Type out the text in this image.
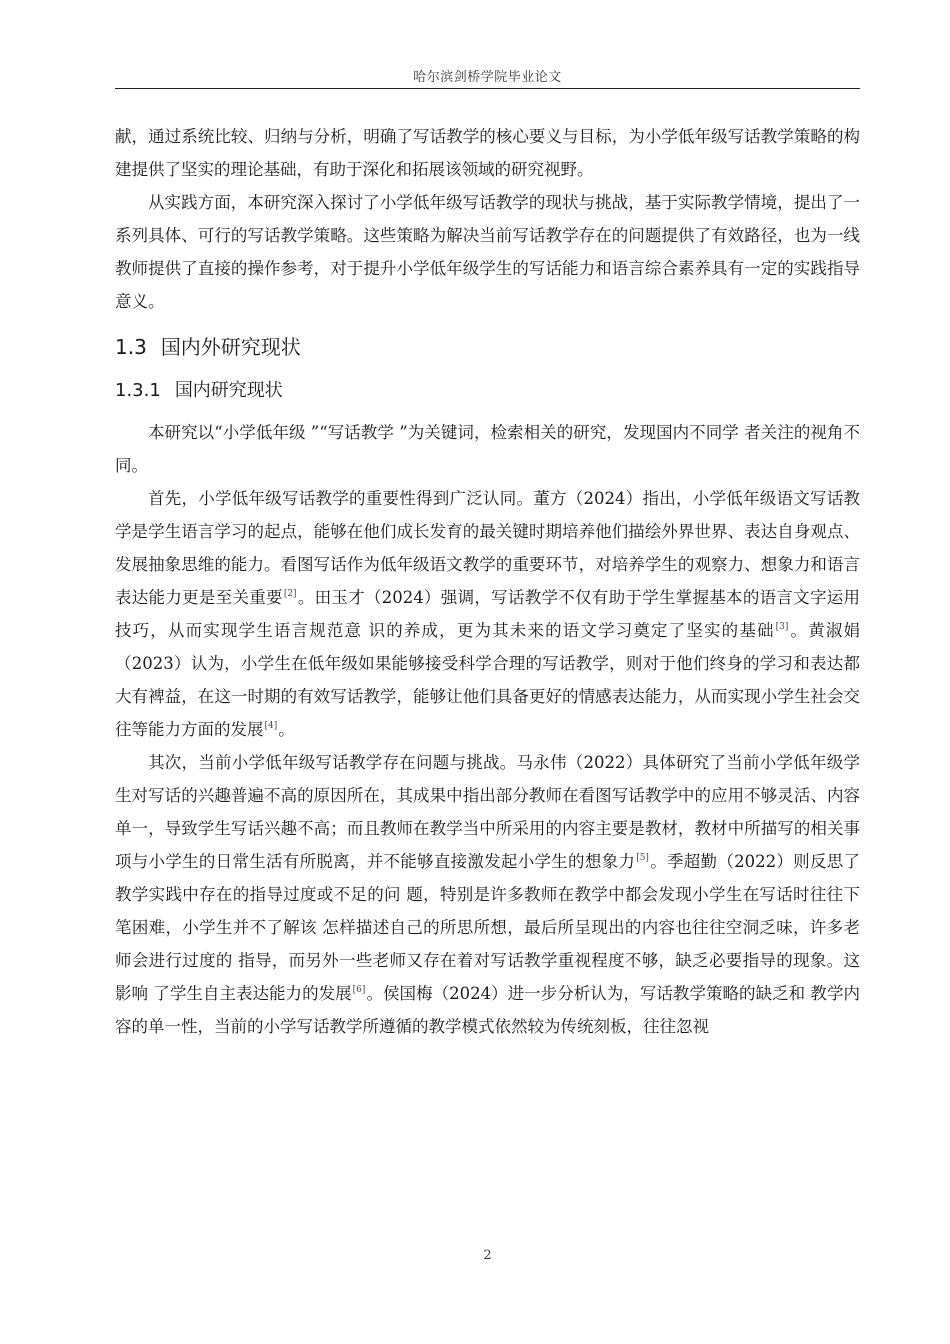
哈尔滨剑桥学院毕业论文

献，通过系统比较、归纳与分析，明确了写话教学的核心要义与目标，为小学低年级写话教学策略的构建提供了坚实的理论基础，有助于深化和拓展该领域的研究视野。

从实践方面，本研究深入探讨了小学低年级写话教学的现状与挑战，基于实际教学情境，提出了一系列具体、可行的写话教学策略。这些策略为解决当前写话教学存在的问题提供了有效路径，也为一线教师提供了直接的操作参考，对于提升小学低年级学生的写话能力和语言综合素养具有一定的实践指导意义。

1.3 国内外研究现状
1.3.1 国内研究现状

本研究以“小学低年级 ”“写话教学 ”为关键词，检索相关的研究，发现国内不同学 者关注的视角不同。

首先，小学低年级写话教学的重要性得到广泛认同。董方（2024）指出，小学低年级语文写话教学是学生语言学习的起点，能够在他们成长发育的最关键时期培养他们描绘外界世界、表达自身观点、发展抽象思维的能力。看图写话作为低年级语文教学的重要环节，对培养学生的观察力、想象力和语言表达能力更是至关重要[2]。田玉才（2024）强调，写话教学不仅有助于学生掌握基本的语言文字运用技巧，从而实现学生语言规范意 识的养成，更为其未来的语文学习奠定了坚实的基础[3]。黄淑娟（2023）认为，小学生在低年级如果能够接受科学合理的写话教学，则对于他们终身的学习和表达都大有裨益，在这一时期的有效写话教学，能够让他们具备更好的情感表达能力，从而实现小学生社会交往等能力方面的发展[4]。

其次，当前小学低年级写话教学存在问题与挑战。马永伟（2022）具体研究了当前小学低年级学生对写话的兴趣普遍不高的原因所在，其成果中指出部分教师在看图写话教学中的应用不够灵活、内容单一，导致学生写话兴趣不高；而且教师在教学当中所采用的内容主要是教材，教材中所描写的相关事项与小学生的日常生活有所脱离，并不能够直接激发起小学生的想象力[5]。季超勤（2022）则反思了教学实践中存在的指导过度或不足的问 题，特别是许多教师在教学中都会发现小学生在写话时往往下笔困难，小学生并不了解该 怎样描述自己的所思所想，最后所呈现出的内容也往往空洞乏味，许多老师会进行过度的 指导，而另外一些老师又存在着对写话教学重视程度不够，缺乏必要指导的现象。这影响 了学生自主表达能力的发展[6]。侯国梅（2024）进一步分析认为，写话教学策略的缺乏和 教学内容的单一性，当前的小学写话教学所遵循的教学模式依然较为传统刻板，往往忽视

2
